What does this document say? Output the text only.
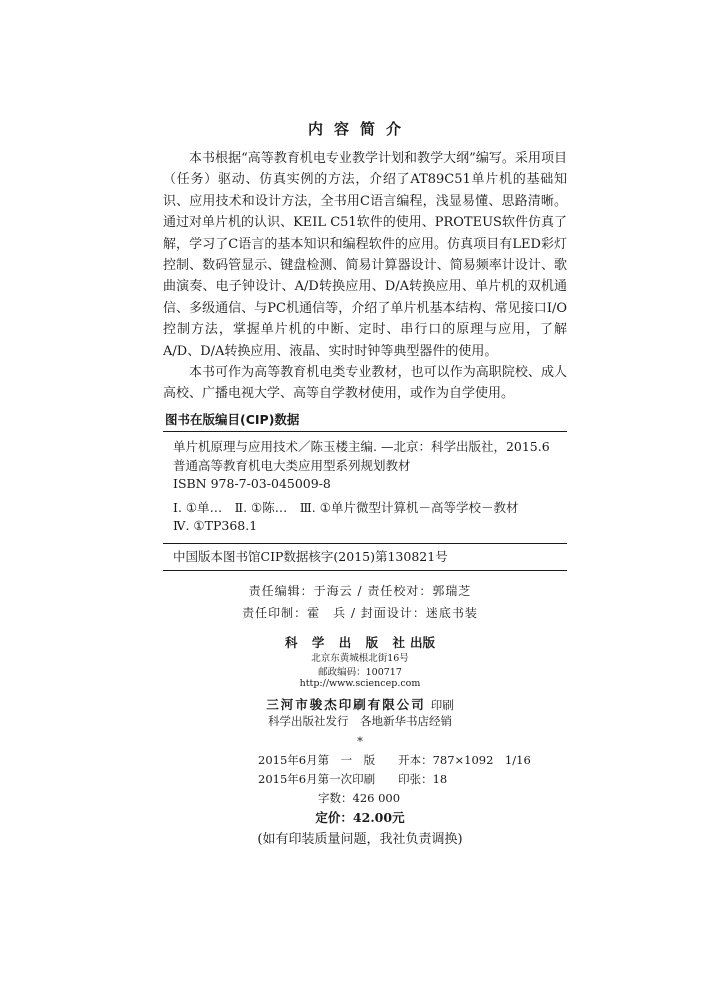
内容简介

本书根据“高等教育机电专业教学计划和教学大纲”编写。采用项目（任务）驱动、仿真实例的方法，介绍了AT89C51单片机的基础知识、应用技术和设计方法，全书用C语言编程，浅显易懂、思路清晰。通过对单片机的认识、KEIL C51软件的使用、PROTEUS软件仿真了解，学习了C语言的基本知识和编程软件的应用。仿真项目有LED彩灯控制、数码管显示、键盘检测、简易计算器设计、简易频率计设计、歌曲演奏、电子钟设计、A/D转换应用、D/A转换应用、单片机的双机通信、多级通信、与PC机通信等，介绍了单片机基本结构、常见接口I/O控制方法，掌握单片机的中断、定时、串行口的原理与应用，了解A/D、D/A转换应用、液晶、实时时钟等典型器件的使用。

本书可作为高等教育机电类专业教材，也可以作为高职院校、成人高校、广播电视大学、高等自学教材使用，或作为自学使用。

图书在版编目(CIP)数据
单片机原理与应用技术／陈玉楼主编. —北京：科学出版社，2015.6
普通高等教育机电大类应用型系列规划教材
ISBN 978-7-03-045009-8
Ⅰ. ①单…　Ⅱ. ①陈…　Ⅲ. ①单片微型计算机－高等学校－教材
Ⅳ. ①TP368.1
中国版本图书馆CIP数据核字(2015)第130821号
责任编辑：于海云 / 责任校对：郭瑞芝
责任印制：霍　兵 / 封面设计：迷底书装
科 学 出 版 社出版
北京东黄城根北街16号
邮政编码：100717
http://www.sciencep.com
三河市骏杰印刷有限公司 印刷
科学出版社发行　各地新华书店经销
*
2015年6月第　一　版　　开本：787×1092　1/16
2015年6月第一次印刷　　印张：18
字数：426 000
定价：42.00元
(如有印装质量问题，我社负责调换)
